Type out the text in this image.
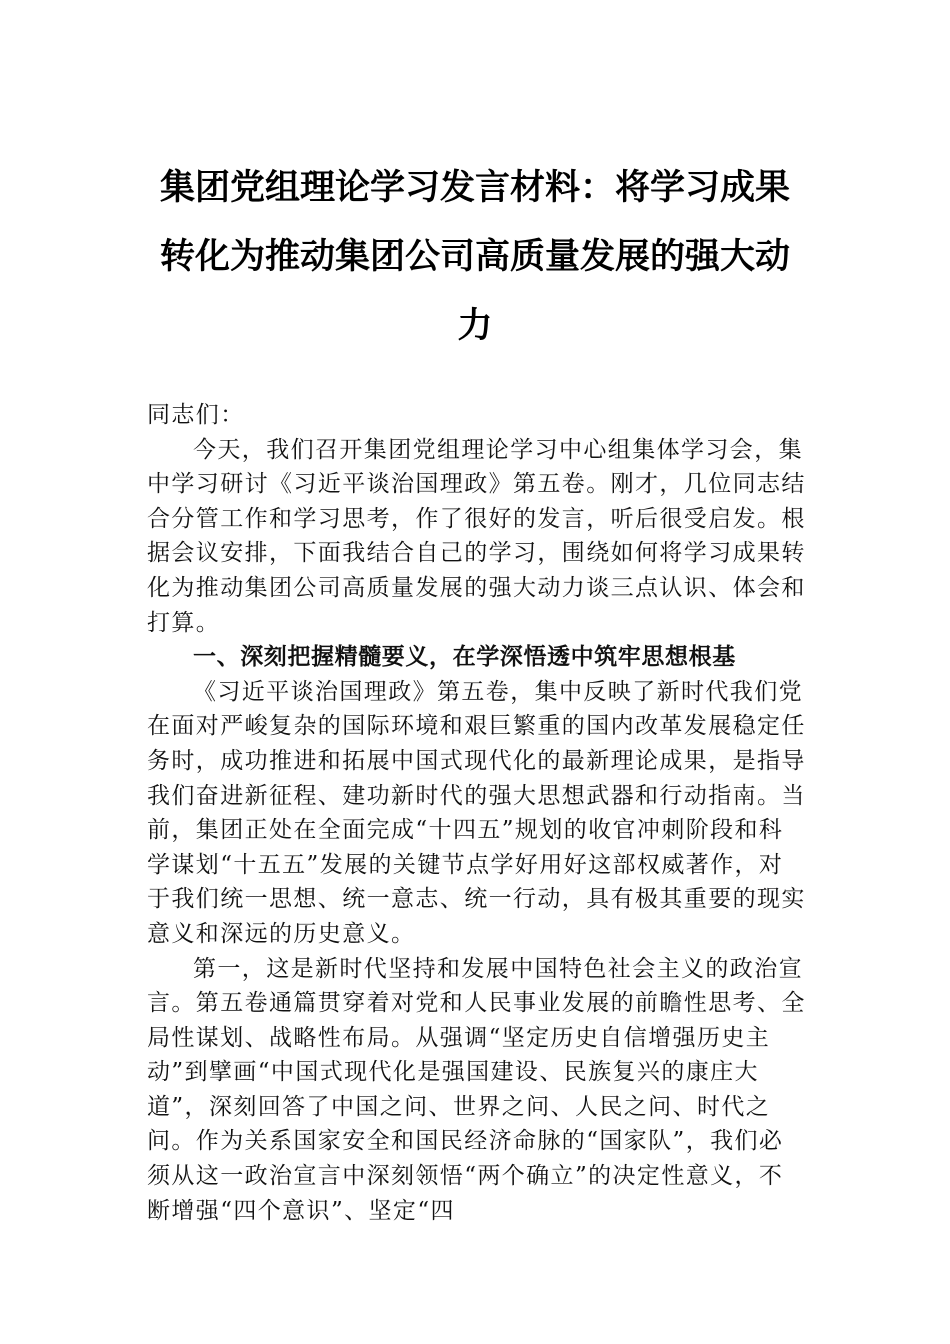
集团党组理论学习发言材料：将学习成果
转化为推动集团公司高质量发展的强大动
力

同志们：

今天，我们召开集团党组理论学习中心组集体学习会，集中学习研讨《习近平谈治国理政》第五卷。刚才，几位同志结合分管工作和学习思考，作了很好的发言，听后很受启发。根据会议安排，下面我结合自己的学习，围绕如何将学习成果转化为推动集团公司高质量发展的强大动力谈三点认识、体会和打算。

一、深刻把握精髓要义，在学深悟透中筑牢思想根基

《习近平谈治国理政》第五卷，集中反映了新时代我们党在面对严峻复杂的国际环境和艰巨繁重的国内改革发展稳定任务时，成功推进和拓展中国式现代化的最新理论成果，是指导我们奋进新征程、建功新时代的强大思想武器和行动指南。当前，集团正处在全面完成“十四五”规划的收官冲刺阶段和科学谋划“十五五”发展的关键节点学好用好这部权威著作，对于我们统一思想、统一意志、统一行动，具有极其重要的现实意义和深远的历史意义。

第一，这是新时代坚持和发展中国特色社会主义的政治宣言。第五卷通篇贯穿着对党和人民事业发展的前瞻性思考、全局性谋划、战略性布局。从强调“坚定历史自信增强历史主动”到擘画“中国式现代化是强国建设、民族复兴的康庄大道”，深刻回答了中国之问、世界之问、人民之问、时代之问。作为关系国家安全和国民经济命脉的“国家队”，我们必须从这一政治宣言中深刻领悟“两个确立”的决定性意义，不断增强“四个意识”、坚定“四
